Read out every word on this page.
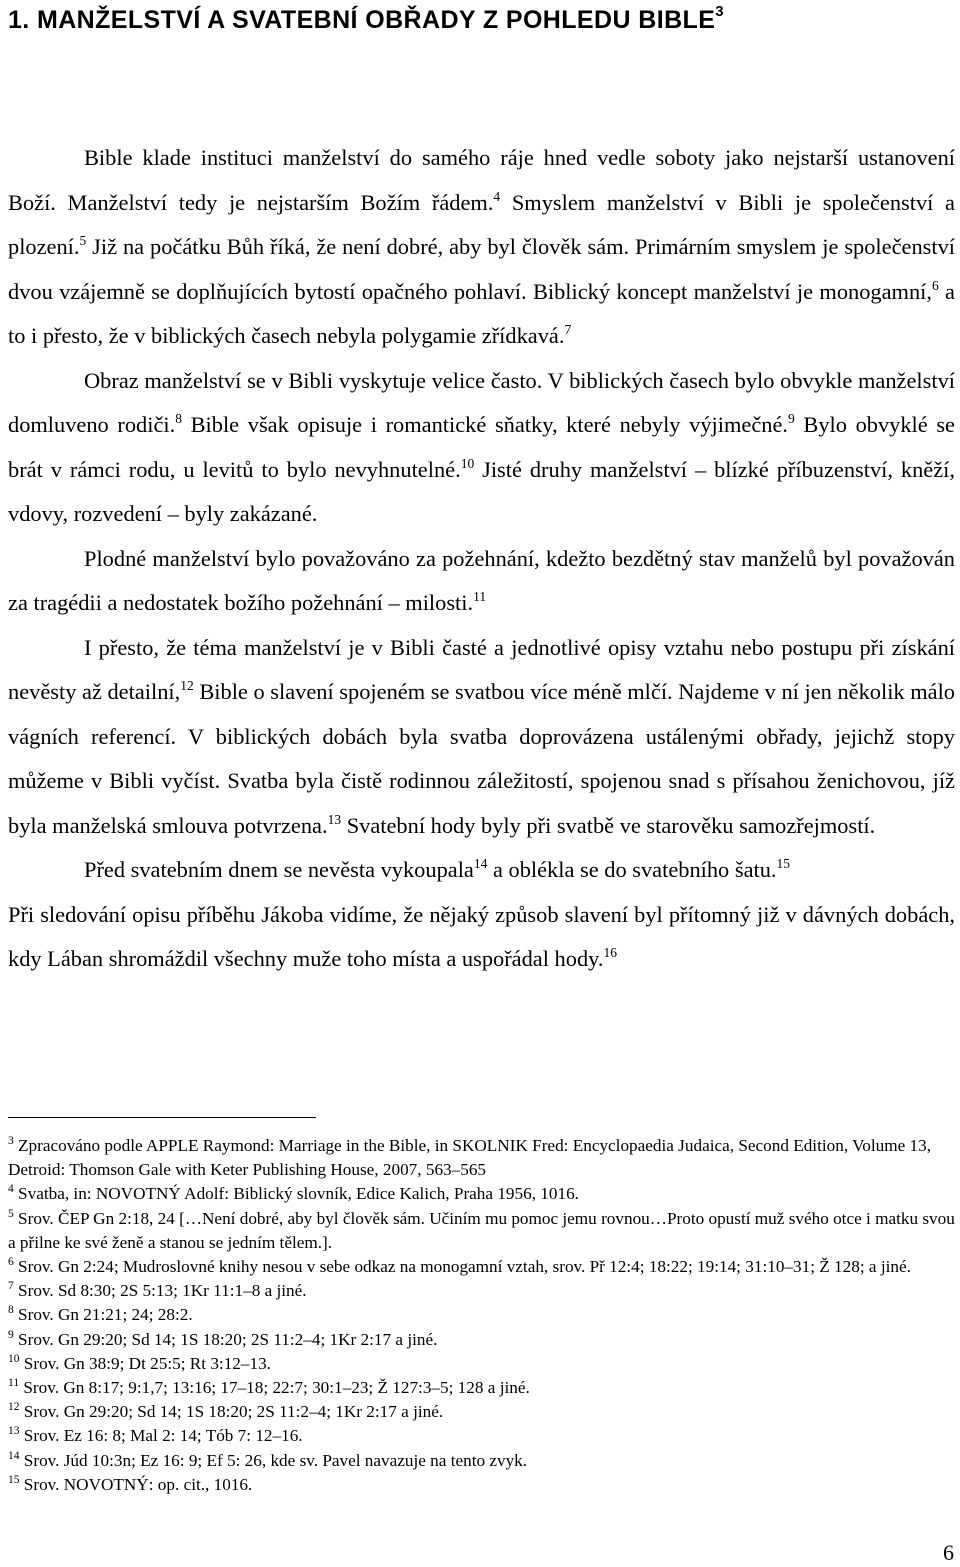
1. MANŽELSTVÍ A SVATEBNÍ OBŘADY Z POHLEDU BIBLE$^3$

Bible klade instituci manželství do samého ráje hned vedle soboty jako nejstarší ustanovení Boží. Manželství tedy je nejstarším Božím řádem.$^4$ Smyslem manželství v Bibli je společenství a plození.$^5$ Již na počátku Bůh říká, že není dobré, aby byl člověk sám. Primárním smyslem je společenství dvou vzájemně se doplňujících bytostí opačného pohlaví. Biblický koncept manželství je monogamní,$^6$ a to i přesto, že v biblických časech nebyla polygamie zřídkavá.$^7$

Obraz manželství se v Bibli vyskytuje velice často. V biblických časech bylo obvykle manželství domluveno rodiči.$^8$ Bible však opisuje i romantické sňatky, které nebyly výjimečné.$^9$ Bylo obvyklé se brát v rámci rodu, u levitů to bylo nevyhnutelné.$^{10}$ Jisté druhy manželství – blízké příbuzenství, kněží, vdovy, rozvedení – byly zakázané.

Plodné manželství bylo považováno za požehnání, kdežto bezdětný stav manželů byl považován za tragédii a nedostatek božího požehnání – milosti.$^{11}$

I přesto, že téma manželství je v Bibli časté a jednotlivé opisy vztahu nebo postupu při získání nevěsty až detailní,$^{12}$ Bible o slavení spojeném se svatbou více méně mlčí. Najdeme v ní jen několik málo vágních referencí. V biblických dobách byla svatba doprovázena ustálenými obřady, jejichž stopy můžeme v Bibli vyčíst. Svatba byla čistě rodinnou záležitostí, spojenou snad s přísahou ženichovou, jíž byla manželská smlouva potvrzena.$^{13}$ Svatební hody byly při svatbě ve starověku samozřejmostí.

Před svatebním dnem se nevěsta vykoupala$^{14}$ a oblékla se do svatebního šatu.$^{15}$

Při sledování opisu příběhu Jákoba vidíme, že nějaký způsob slavení byl přítomný již v dávných dobách, kdy Lában shromáždil všechny muže toho místa a uspořádal hody.$^{16}$

$^3$ Zpracováno podle APPLE Raymond: Marriage in the Bible, in SKOLNIK Fred: Encyclopaedia Judaica, Second Edition, Volume 13, Detroid: Thomson Gale with Keter Publishing House, 2007, 563–565

$^4$ Svatba, in: NOVOTNÝ Adolf: Biblický slovník, Edice Kalich, Praha 1956, 1016.

$^5$ Srov. ČEP Gn 2:18, 24 […Není dobré, aby byl člověk sám. Učiním mu pomoc jemu rovnou…Proto opustí muž svého otce i matku svou a přilne ke své ženě a stanou se jedním tělem.].

$^6$ Srov. Gn 2:24; Mudroslovné knihy nesou v sebe odkaz na monogamní vztah, srov. Př 12:4; 18:22; 19:14; 31:10–31; Ž 128; a jiné.

$^7$ Srov. Sd 8:30; 2S 5:13; 1Kr 11:1–8 a jiné.

$^8$ Srov. Gn 21:21; 24; 28:2.

$^9$ Srov. Gn 29:20; Sd 14; 1S 18:20; 2S 11:2–4; 1Kr 2:17 a jiné.

$^{10}$ Srov. Gn 38:9; Dt 25:5; Rt 3:12–13.

$^{11}$ Srov. Gn 8:17; 9:1,7; 13:16; 17–18; 22:7; 30:1–23; Ž 127:3–5; 128 a jiné.

$^{12}$ Srov. Gn 29:20; Sd 14; 1S 18:20; 2S 11:2–4; 1Kr 2:17 a jiné.

$^{13}$ Srov. Ez 16: 8; Mal 2: 14; Tób 7: 12–16.

$^{14}$ Srov. Júd 10:3n; Ez 16: 9; Ef 5: 26, kde sv. Pavel navazuje na tento zvyk.

$^{15}$ Srov. NOVOTNÝ: op. cit., 1016.

6
